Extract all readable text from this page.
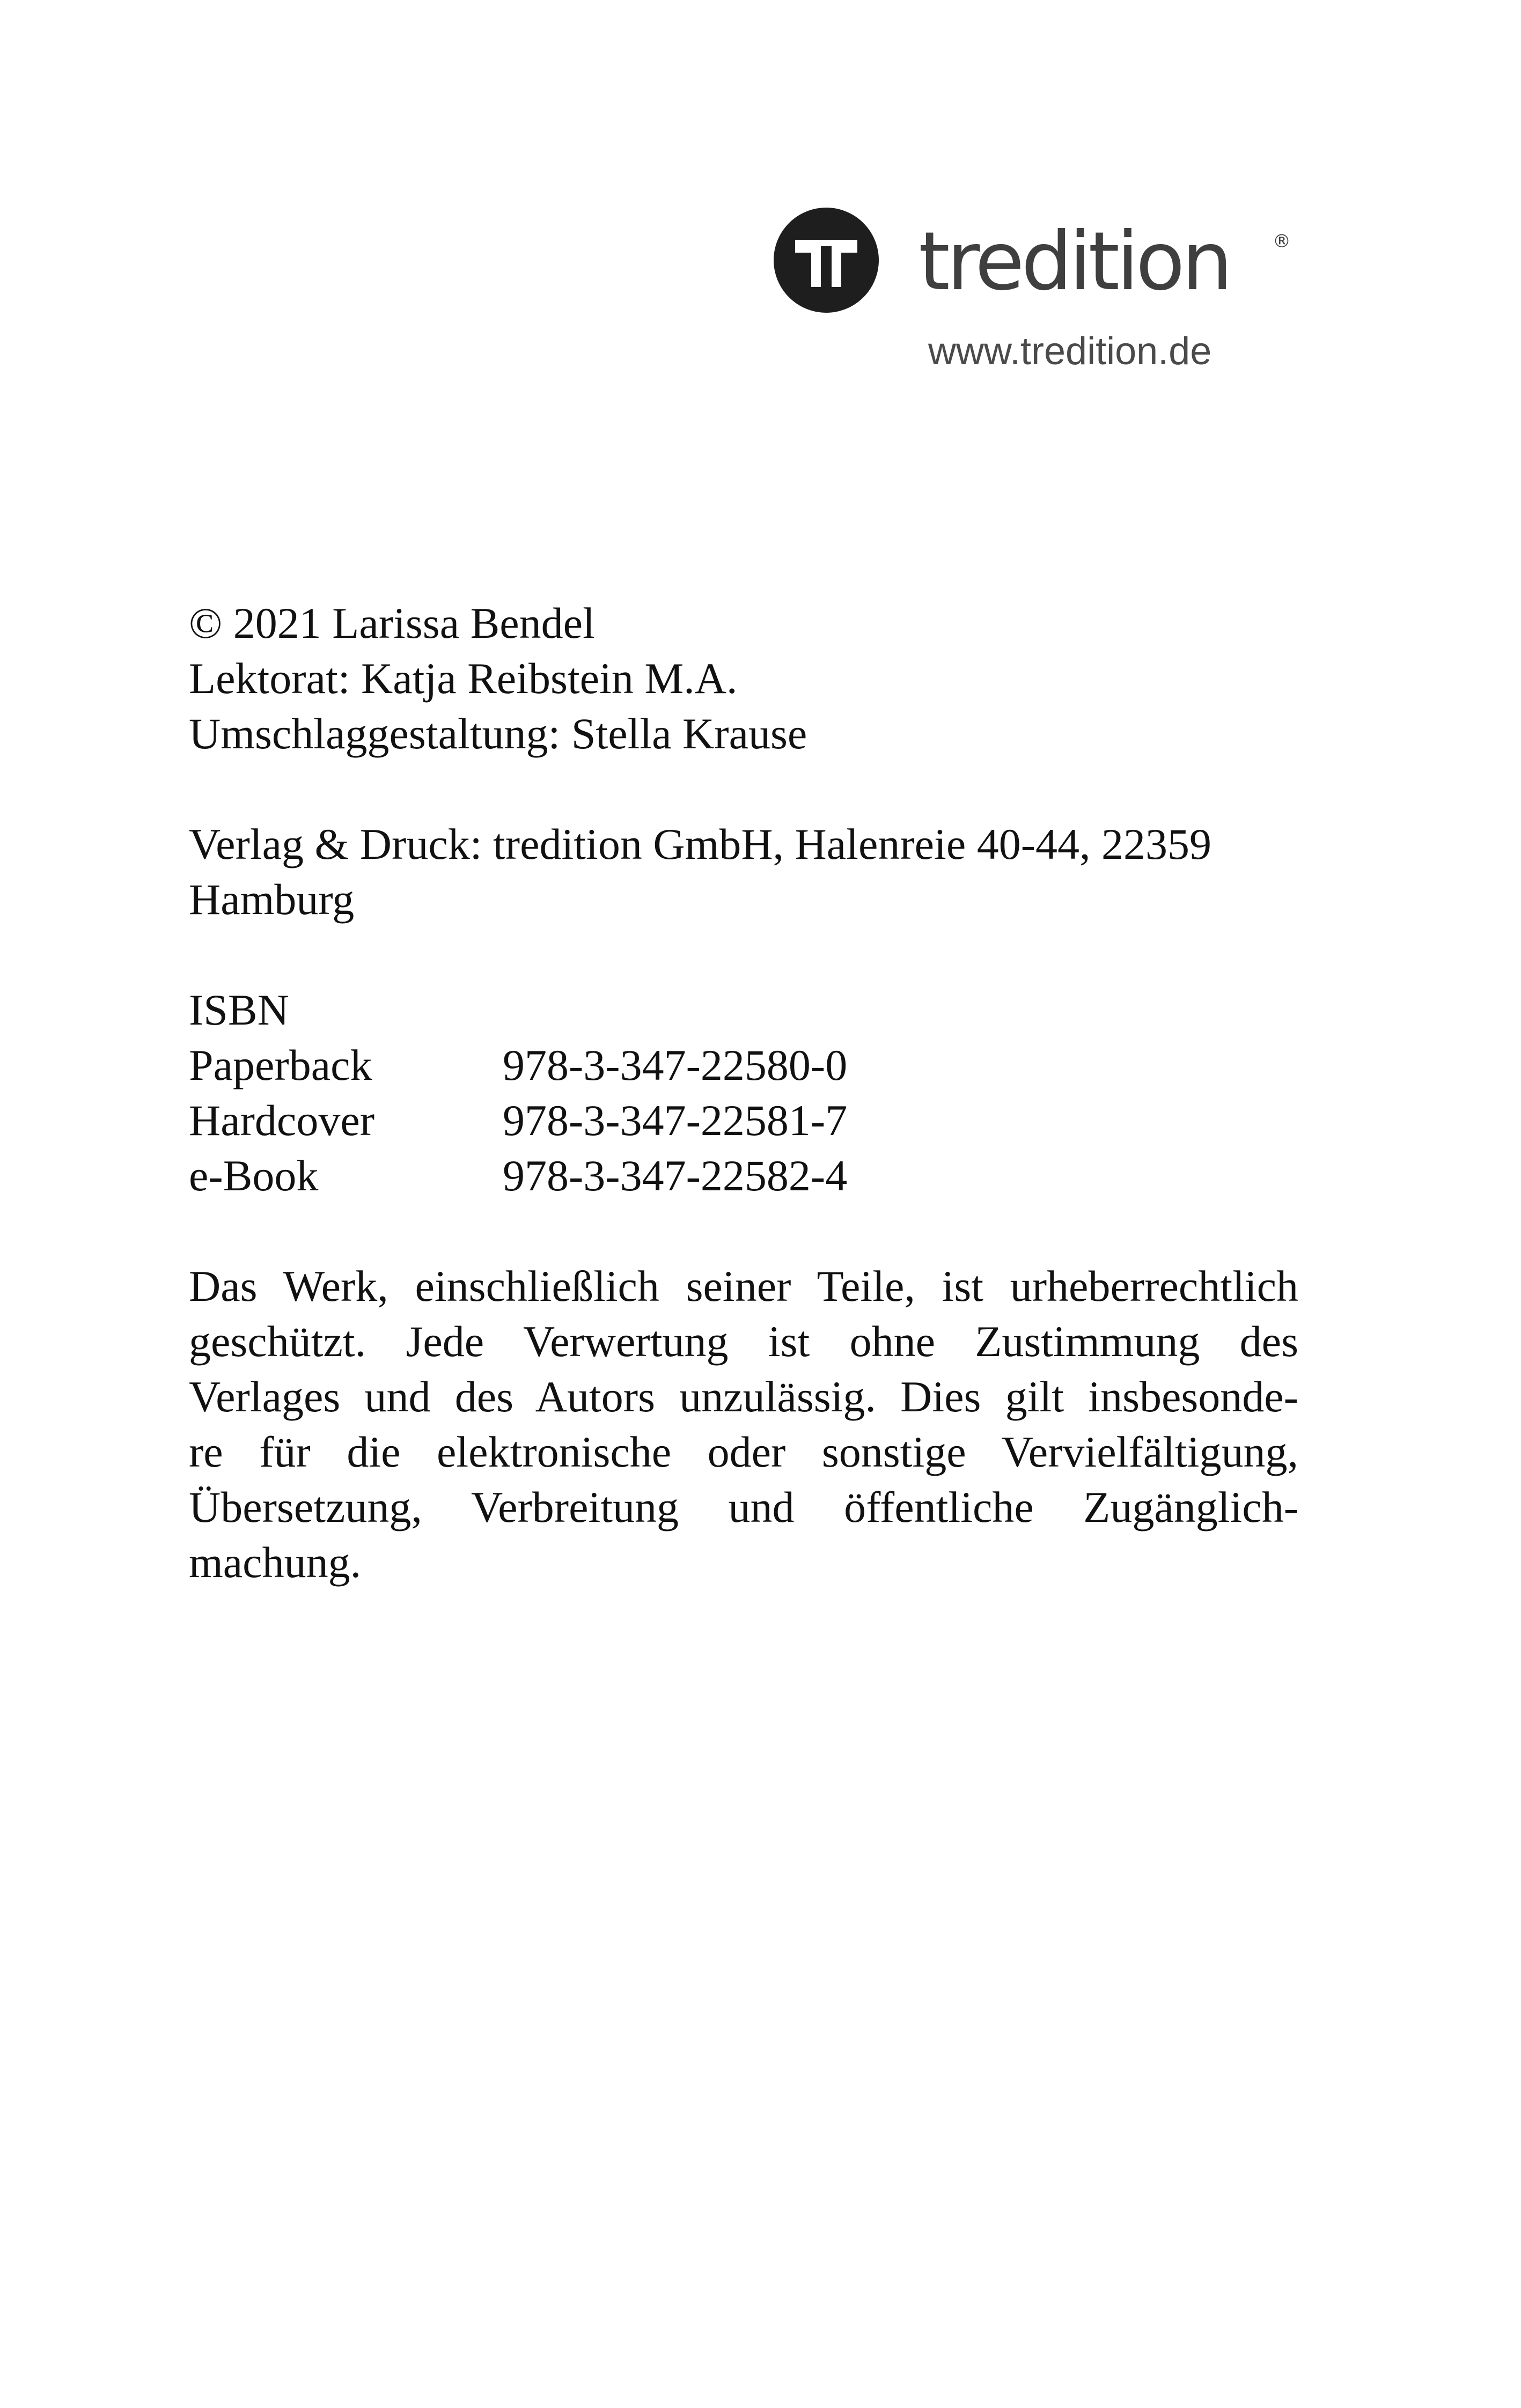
tredition ®
www.tredition.de
© 2021 Larissa Bendel
Lektorat: Katja Reibstein M.A.
Umschlaggestaltung: Stella Krause
Verlag & Druck: tredition GmbH, Halenreie 40-44, 22359
Hamburg
ISBN
Paperback	978-3-347-22580-0
Hardcover	978-3-347-22581-7
e-Book	978-3-347-22582-4
Das Werk, einschließlich seiner Teile, ist urheberrechtlich
geschützt. Jede Verwertung ist ohne Zustimmung des
Verlages und des Autors unzulässig. Dies gilt insbesonde-
re für die elektronische oder sonstige Vervielfältigung,
Übersetzung, Verbreitung und öffentliche Zugänglich-
machung.
